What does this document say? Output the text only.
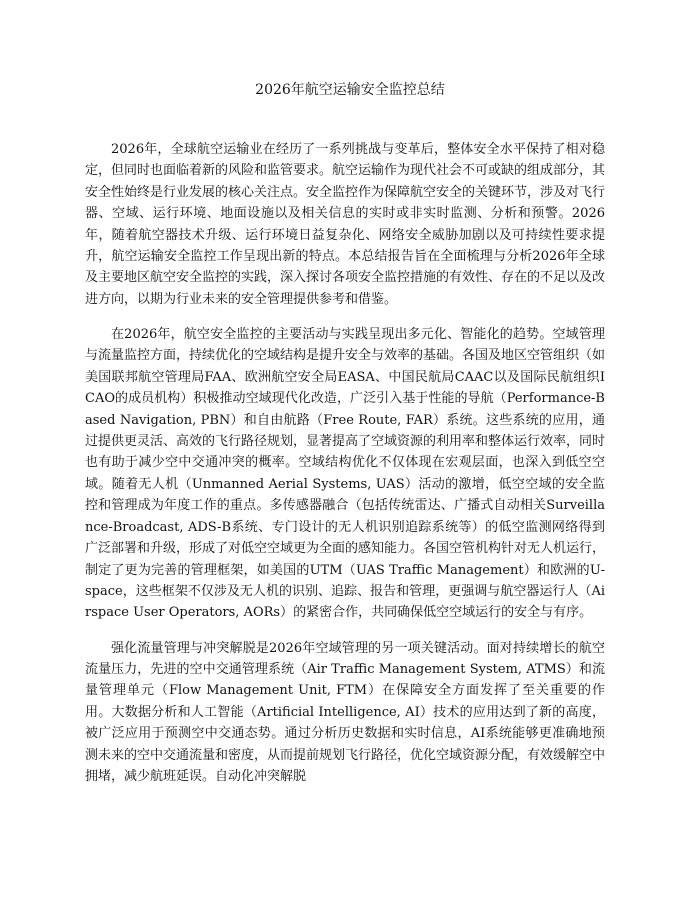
2026年航空运输安全监控总结

2026年，全球航空运输业在经历了一系列挑战与变革后，整体安全水平保持了相对稳定，但同时也面临着新的风险和监管要求。航空运输作为现代社会不可或缺的组成部分，其安全性始终是行业发展的核心关注点。安全监控作为保障航空安全的关键环节，涉及对飞行器、空域、运行环境、地面设施以及相关信息的实时或非实时监测、分析和预警。2026年，随着航空器技术升级、运行环境日益复杂化、网络安全威胁加剧以及可持续性要求提升，航空运输安全监控工作呈现出新的特点。本总结报告旨在全面梳理与分析2026年全球及主要地区航空安全监控的实践，深入探讨各项安全监控措施的有效性、存在的不足以及改进方向，以期为行业未来的安全管理提供参考和借鉴。

在2026年，航空安全监控的主要活动与实践呈现出多元化、智能化的趋势。空域管理与流量监控方面，持续优化的空域结构是提升安全与效率的基础。各国及地区空管组织（如美国联邦航空管理局FAA、欧洲航空安全局EASA、中国民航局CAAC以及国际民航组织ICAO的成员机构）积极推动空域现代化改造，广泛引入基于性能的导航（Performance-Based Navigation, PBN）和自由航路（Free Route, FAR）系统。这些系统的应用，通过提供更灵活、高效的飞行路径规划，显著提高了空域资源的利用率和整体运行效率，同时也有助于减少空中交通冲突的概率。空域结构优化不仅体现在宏观层面，也深入到低空空域。随着无人机（Unmanned Aerial Systems, UAS）活动的激增，低空空域的安全监控和管理成为年度工作的重点。多传感器融合（包括传统雷达、广播式自动相关Surveillance-Broadcast, ADS-B系统、专门设计的无人机识别追踪系统等）的低空监测网络得到广泛部署和升级，形成了对低空空域更为全面的感知能力。各国空管机构针对无人机运行，制定了更为完善的管理框架，如美国的UTM（UAS Traffic Management）和欧洲的U-space，这些框架不仅涉及无人机的识别、追踪、报告和管理，更强调与航空器运行人（Airspace User Operators, AORs）的紧密合作，共同确保低空空域运行的安全与有序。

强化流量管理与冲突解脱是2026年空域管理的另一项关键活动。面对持续增长的航空流量压力，先进的空中交通管理系统（Air Traffic Management System, ATMS）和流量管理单元（Flow Management Unit, FTM）在保障安全方面发挥了至关重要的作用。大数据分析和人工智能（Artificial Intelligence, AI）技术的应用达到了新的高度，被广泛应用于预测空中交通态势。通过分析历史数据和实时信息，AI系统能够更准确地预测未来的空中交通流量和密度，从而提前规划飞行路径，优化空域资源分配，有效缓解空中拥堵，减少航班延误。自动化冲突解脱
